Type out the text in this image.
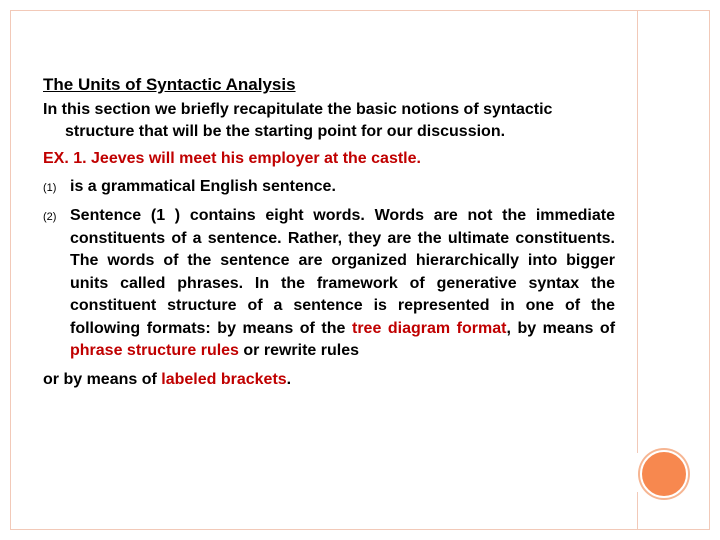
The Units of Syntactic Analysis

In this section we briefly recapitulate the basic notions of syntactic structure that will be the starting point for our discussion.

EX. 1. Jeeves will meet his employer at the castle.
(1) is a grammatical English sentence.
(2) Sentence (1 ) contains eight words. Words are not the immediate constituents of a sentence. Rather, they are the ultimate constituents. The words of the sentence are organized hierarchically into bigger units called phrases. In the framework of generative syntax the constituent structure of a sentence is represented in one of the following formats: by means of the tree diagram format, by means of phrase structure rules or rewrite rules
or by means of labeled brackets.
